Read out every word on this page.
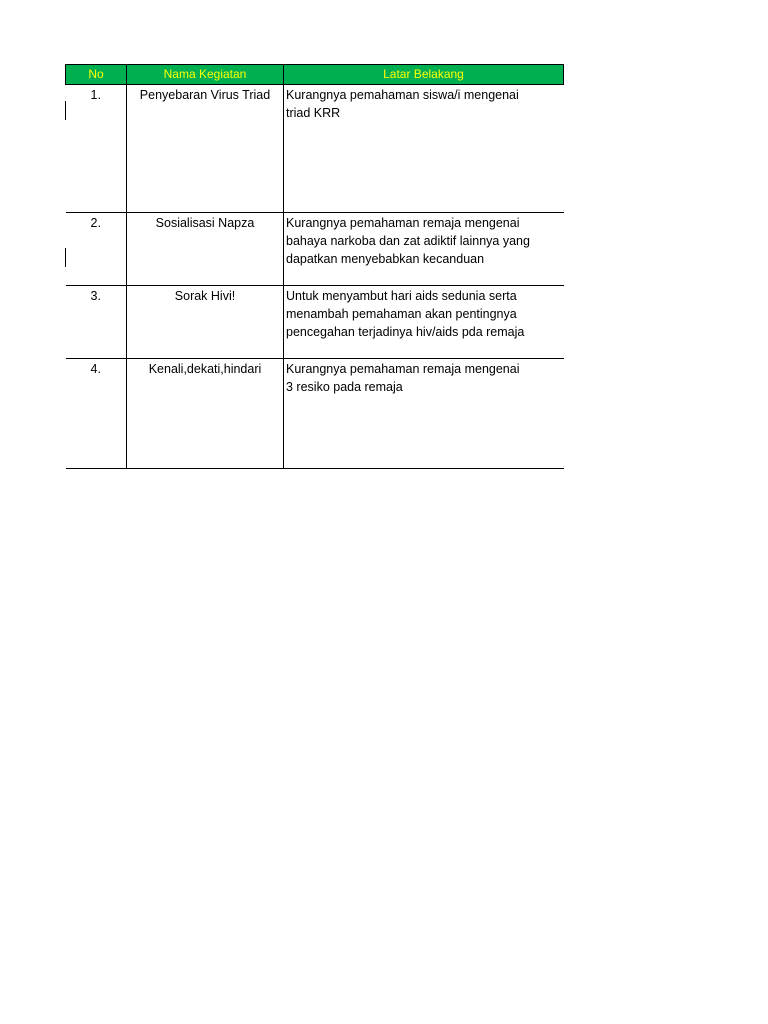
No	Nama Kegiatan	Latar Belakang
1.	Penyebaran Virus Triad	Kurangnya pemahaman siswa/i mengenai
triad KRR

2.	Sosialisasi Napza	Kurangnya pemahaman remaja mengenai
bahaya narkoba dan zat adiktif lainnya yang
dapatkan menyebabkan kecanduan

3.	Sorak Hivi!	Untuk menyambut hari aids sedunia serta
menambah pemahaman akan pentingnya
pencegahan terjadinya hiv/aids pda remaja

4.	Kenali,dekati,hindari	Kurangnya pemahaman remaja mengenai
3 resiko pada remaja
